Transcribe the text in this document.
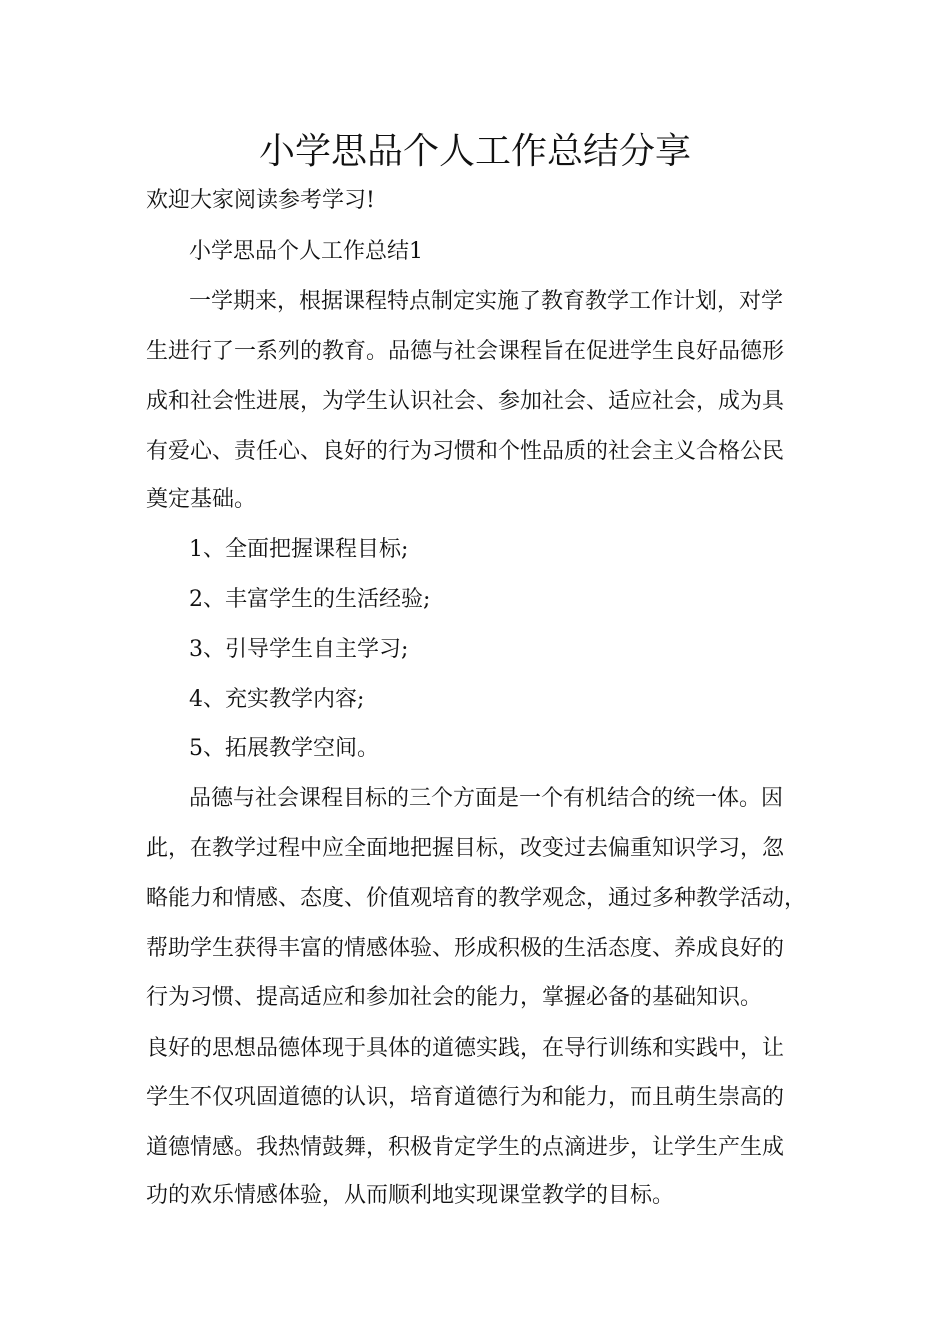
小学思品个人工作总结分享
欢迎大家阅读参考学习!
小学思品个人工作总结1
一学期来，根据课程特点制定实施了教育教学工作计划，对学
生进行了一系列的教育。品德与社会课程旨在促进学生良好品德形
成和社会性进展，为学生认识社会、参加社会、适应社会，成为具
有爱心、责任心、良好的行为习惯和个性品质的社会主义合格公民
奠定基础。
1、全面把握课程目标;
2、丰富学生的生活经验;
3、引导学生自主学习;
4、充实教学内容;
5、拓展教学空间。
品德与社会课程目标的三个方面是一个有机结合的统一体。因
此，在教学过程中应全面地把握目标，改变过去偏重知识学习，忽
略能力和情感、态度、价值观培育的教学观念，通过多种教学活动，
帮助学生获得丰富的情感体验、形成积极的生活态度、养成良好的
行为习惯、提高适应和参加社会的能力，掌握必备的基础知识。
良好的思想品德体现于具体的道德实践，在导行训练和实践中，让
学生不仅巩固道德的认识，培育道德行为和能力，而且萌生崇高的
道德情感。我热情鼓舞，积极肯定学生的点滴进步，让学生产生成
功的欢乐情感体验，从而顺利地实现课堂教学的目标。
